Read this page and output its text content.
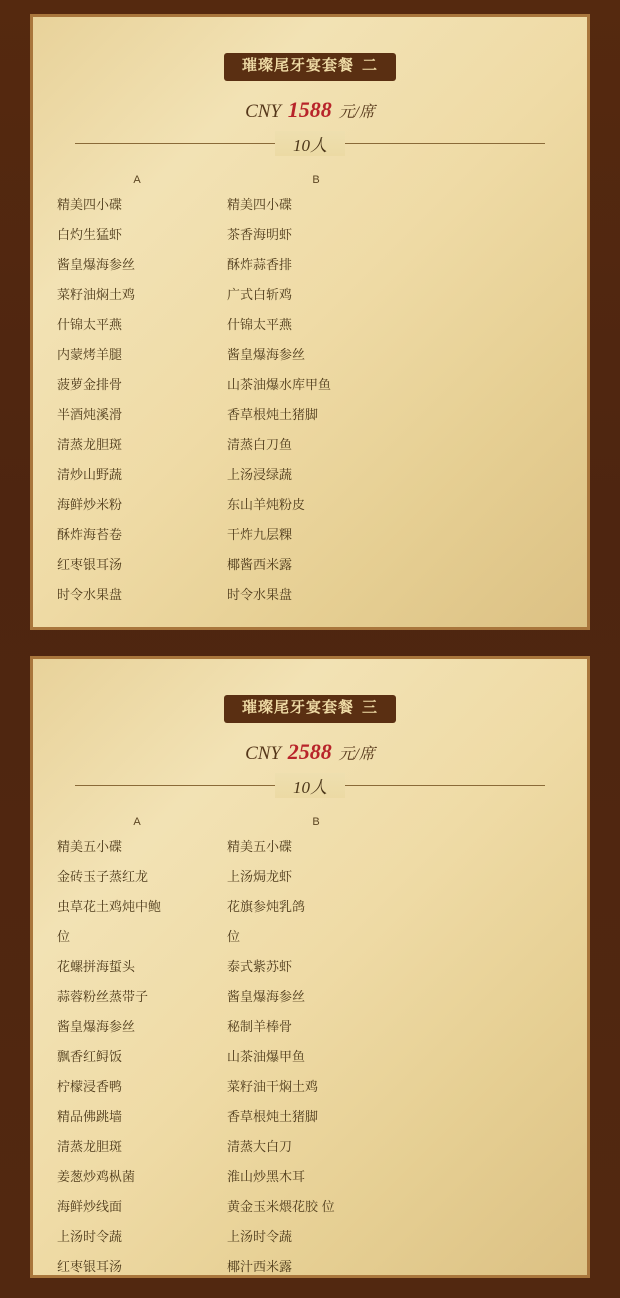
璀璨尾牙宴套餐 二
CNY 1588 元/席
10人
A	B
精美四小碟	精美四小碟
白灼生猛虾	茶香海明虾
酱皇爆海参丝	酥炸蒜香排
菜籽油焖土鸡	广式白斩鸡
什锦太平燕	什锦太平燕
内蒙烤羊腿	酱皇爆海参丝
菠萝金排骨	山茶油爆水库甲鱼
半酒炖溪滑	香草根炖土猪脚
清蒸龙胆斑	清蒸白刀鱼
清炒山野蔬	上汤浸绿蔬
海鲜炒米粉	东山羊炖粉皮
酥炸海苔卷	干炸九层粿
红枣银耳汤	椰酱西米露
时令水果盘	时令水果盘
璀璨尾牙宴套餐 三
CNY 2588 元/席
10人
A	B
精美五小碟	精美五小碟
金砖玉子蒸红龙	上汤焗龙虾
虫草花土鸡炖中鲍	花旗参炖乳鸽
位	位
花螺拼海蜇头	泰式紫苏虾
蒜蓉粉丝蒸带子	酱皇爆海参丝
酱皇爆海参丝	秘制羊棒骨
飘香红鲟饭	山茶油爆甲鱼
柠檬浸香鸭	菜籽油干焖土鸡
精品佛跳墙	香草根炖土猪脚
清蒸龙胆斑	清蒸大白刀
姜葱炒鸡枞菌	淮山炒黑木耳
海鲜炒线面	黄金玉米煨花胶 位
上汤时令蔬	上汤时令蔬
红枣银耳汤	椰汁西米露
